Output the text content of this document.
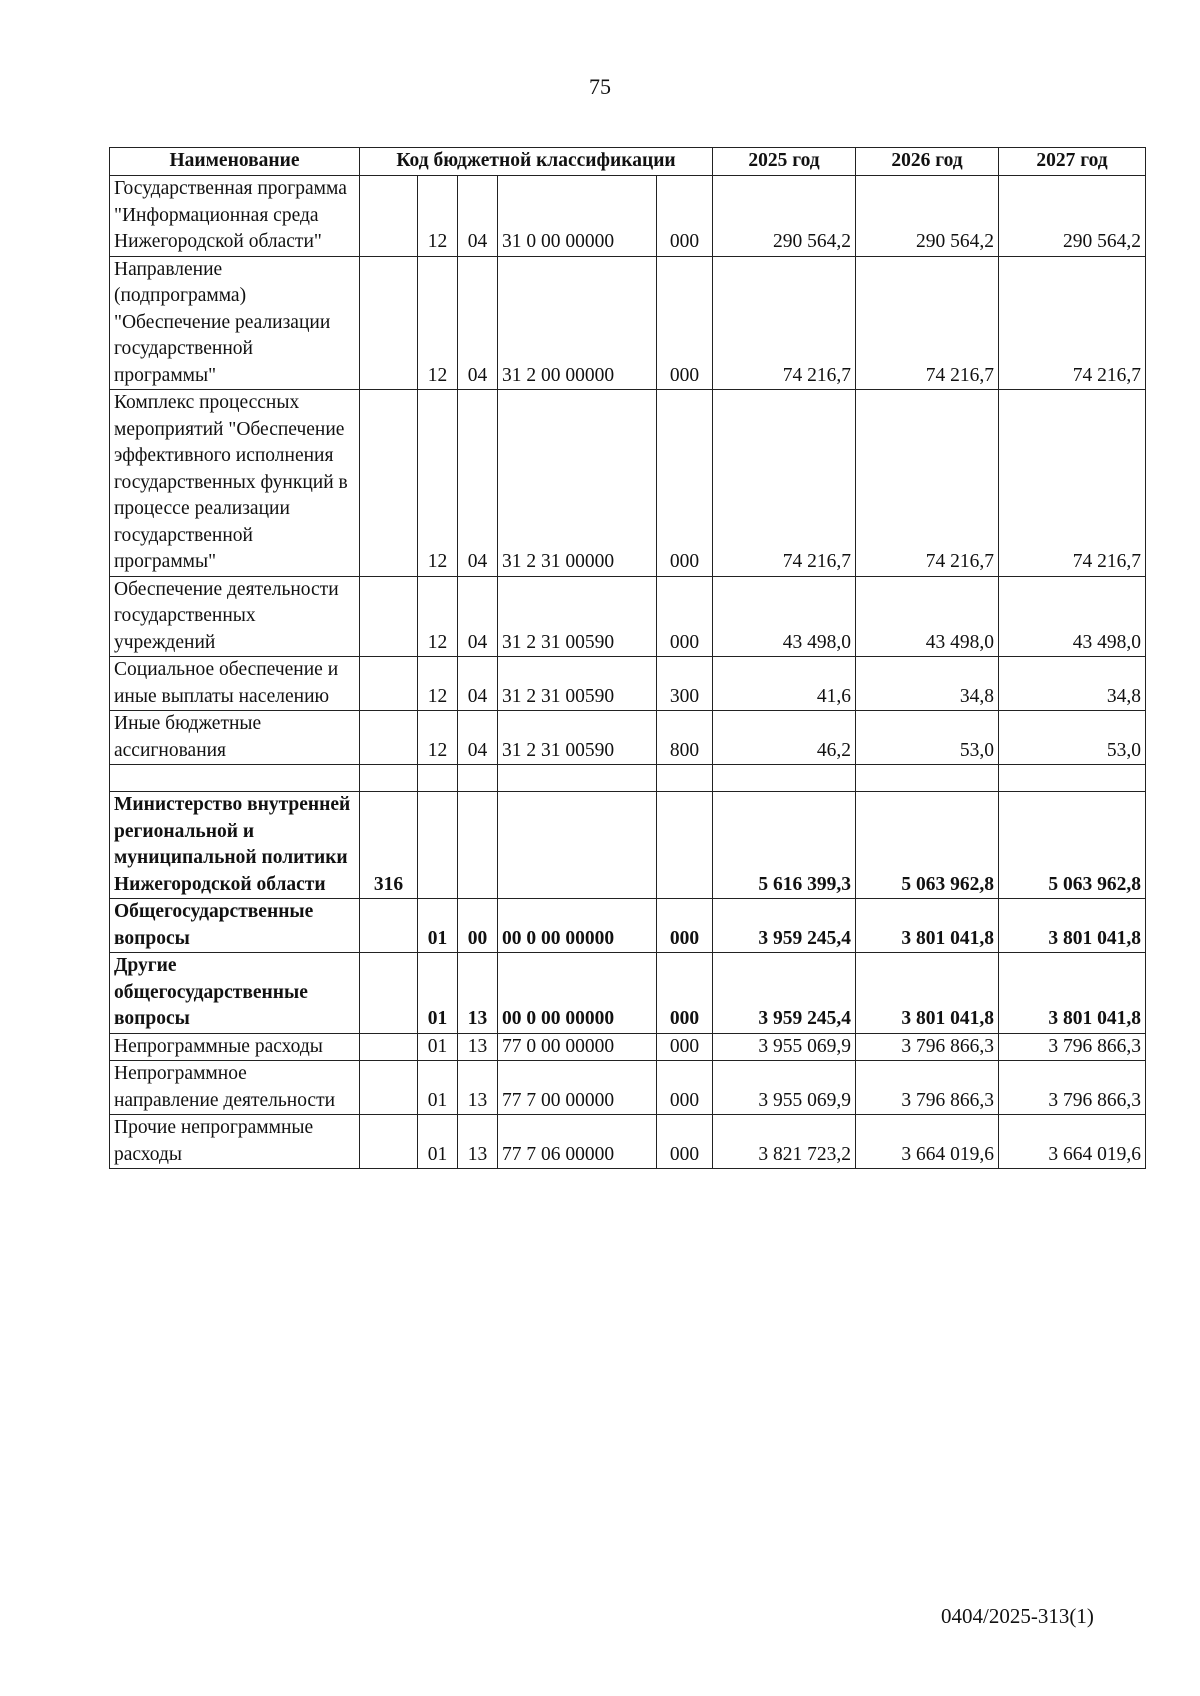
75
Наименование	Код бюджетной классификации					2025 год	2026 год	2027 год
Государственная программа "Информационная среда Нижегородской области"		12	04	31 0 00 00000	000	290 564,2	290 564,2	290 564,2
Направление (подпрограмма) "Обеспечение реализации государственной программы"		12	04	31 2 00 00000	000	74 216,7	74 216,7	74 216,7
Комплекс процессных мероприятий "Обеспечение эффективного исполнения государственных функций в процессе реализации государственной программы"		12	04	31 2 31 00000	000	74 216,7	74 216,7	74 216,7
Обеспечение деятельности государственных учреждений		12	04	31 2 31 00590	000	43 498,0	43 498,0	43 498,0
Социальное обеспечение и иные выплаты населению		12	04	31 2 31 00590	300	41,6	34,8	34,8
Иные бюджетные ассигнования		12	04	31 2 31 00590	800	46,2	53,0	53,0

Министерство внутренней региональной и муниципальной политики Нижегородской области	316					5 616 399,3	5 063 962,8	5 063 962,8
Общегосударственные вопросы		01	00	00 0 00 00000	000	3 959 245,4	3 801 041,8	3 801 041,8
Другие общегосударственные вопросы		01	13	00 0 00 00000	000	3 959 245,4	3 801 041,8	3 801 041,8
Непрограммные расходы		01	13	77 0 00 00000	000	3 955 069,9	3 796 866,3	3 796 866,3
Непрограммное направление деятельности		01	13	77 7 00 00000	000	3 955 069,9	3 796 866,3	3 796 866,3
Прочие непрограммные расходы		01	13	77 7 06 00000	000	3 821 723,2	3 664 019,6	3 664 019,6
0404/2025-313(1)
